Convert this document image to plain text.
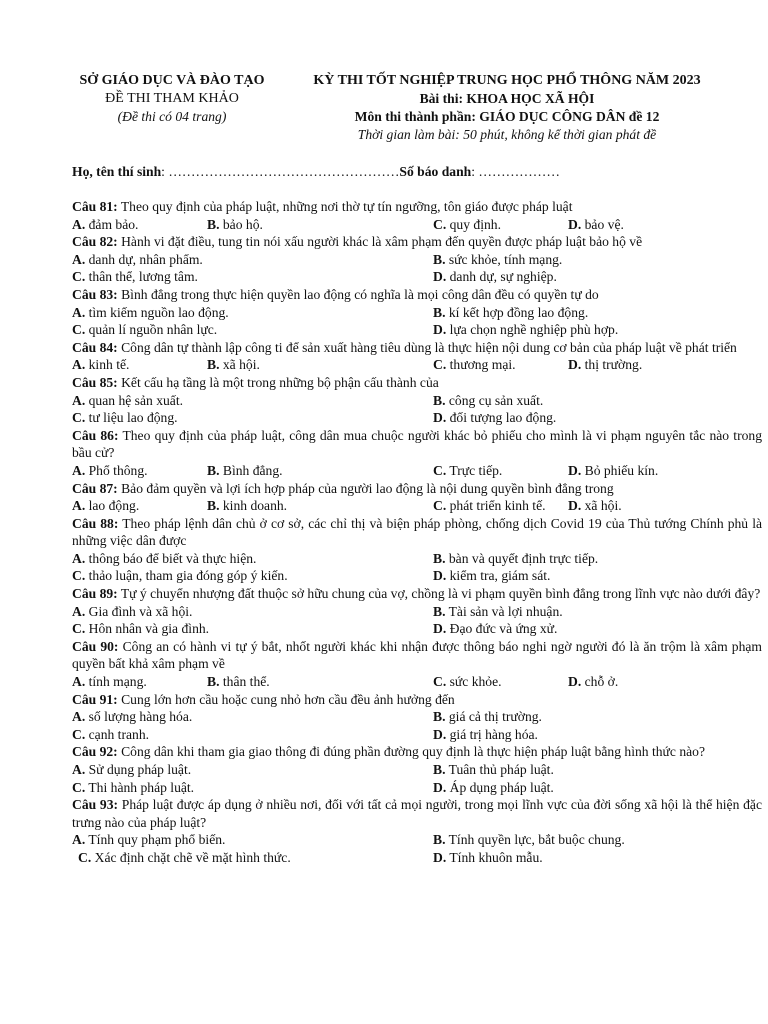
SỞ GIÁO DỤC VÀ ĐÀO TẠO
ĐỀ THI THAM KHẢO
(Đề thi có 04 trang)
KỲ THI TỐT NGHIỆP TRUNG HỌC PHỔ THÔNG NĂM 2023
Bài thi: KHOA HỌC XÃ HỘI
Môn thi thành phần: GIÁO DỤC CÔNG DÂN đề 12
Thời gian làm bài: 50 phút, không kể thời gian phát đề
Họ, tên thí sinh: ……………………………………………Số báo danh: ………………
Câu 81: Theo quy định của pháp luật, những nơi thờ tự tín ngưỡng, tôn giáo được pháp luật
A. đảm bảo.	B. bảo hộ.	C. quy định.	D. bảo vệ.
Câu 82: Hành vi đặt điều, tung tin nói xấu người khác là xâm phạm đến quyền được pháp luật bảo hộ về
A. danh dự, nhân phẩm.	B. sức khỏe, tính mạng.
C. thân thể, lương tâm.	D. danh dự, sự nghiệp.
Câu 83: Bình đẳng trong thực hiện quyền lao động có nghĩa là mọi công dân đều có quyền tự do
A. tìm kiếm nguồn lao động.	B. kí kết hợp đồng lao động.
C. quản lí nguồn nhân lực.	D. lựa chọn nghề nghiệp phù hợp.
Câu 84: Công dân tự thành lập công ti để sản xuất hàng tiêu dùng là thực hiện nội dung cơ bản của pháp luật về phát triển
A. kinh tế.	B. xã hội.	C. thương mại.	D. thị trường.
Câu 85: Kết cấu hạ tầng là một trong những bộ phận cấu thành của
A. quan hệ sản xuất.	B. công cụ sản xuất.
C. tư liệu lao động.	D. đối tượng lao động.
Câu 86: Theo quy định của pháp luật, công dân mua chuộc người khác bỏ phiếu cho mình là vi phạm nguyên tắc nào trong bầu cử?
A. Phổ thông.	B. Bình đẳng.	C. Trực tiếp.	D. Bỏ phiếu kín.
Câu 87: Bảo đảm quyền và lợi ích hợp pháp của người lao động là nội dung quyền bình đẳng trong
A. lao động.	B. kinh doanh.	C. phát triển kinh tế. D. xã hội.
Câu 88: Theo pháp lệnh dân chủ ở cơ sở, các chỉ thị và biện pháp phòng, chống dịch Covid 19 của Thủ tướng Chính phủ là những việc dân được
A. thông báo để biết và thực hiện.	B. bàn và quyết định trực tiếp.
C. thảo luận, tham gia đóng góp ý kiến.	D. kiểm tra, giám sát.
Câu 89: Tự ý chuyển nhượng đất thuộc sở hữu chung của vợ, chồng là vi phạm quyền bình đẳng trong lĩnh vực nào dưới đây?
A. Gia đình và xã hội.	B. Tài sản và lợi nhuận.
C. Hôn nhân và gia đình.	D. Đạo đức và ứng xử.
Câu 90: Công an có hành vi tự ý bắt, nhốt người khác khi nhận được thông báo nghi ngờ người đó là ăn trộm là xâm phạm quyền bất khả xâm phạm về
A. tính mạng.	B. thân thể.	C. sức khỏe.	D. chỗ ở.
Câu 91: Cung lớn hơn cầu hoặc cung nhỏ hơn cầu đều ảnh hưởng đến
A. số lượng hàng hóa.	B. giá cả thị trường.
C. cạnh tranh.	D. giá trị hàng hóa.
Câu 92: Công dân khi tham gia giao thông đi đúng phần đường quy định là thực hiện pháp luật bằng hình thức nào?
A. Sử dụng pháp luật.	B. Tuân thủ pháp luật.
C. Thi hành pháp luật.	D. Áp dụng pháp luật.
Câu 93: Pháp luật được áp dụng ở nhiều nơi, đối với tất cả mọi người, trong mọi lĩnh vực của đời sống xã hội là thể hiện đặc trưng nào của pháp luật?
A. Tính quy phạm phổ biến.	B. Tính quyền lực, bắt buộc chung.
C. Xác định chặt chẽ về mặt hình thức.	D. Tính khuôn mẫu.
